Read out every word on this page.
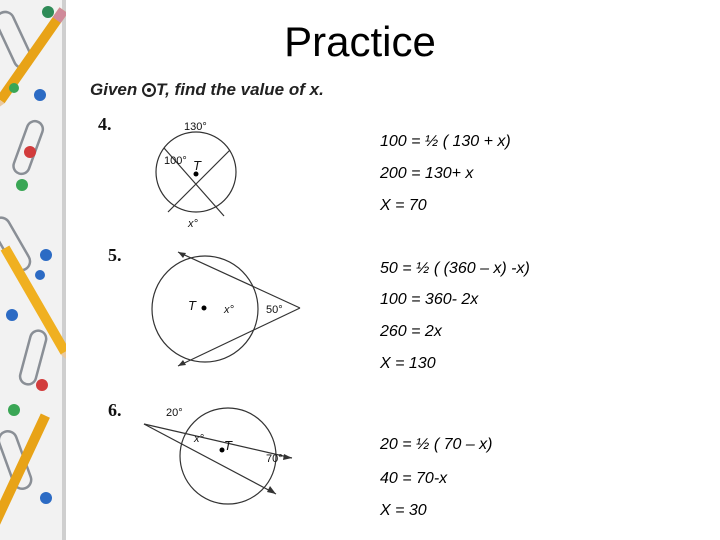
Practice
Given T, find the value of x.
4.	130°
100° T
x°
100 = ½ ( 130 + x)
200 = 130+ x
X = 70
5.
T	x°	50°
50 = ½ ( (360 – x) -x)
100 = 360- 2x
260 = 2x
X = 130
6.	20°
x° T
70°
20 = ½ ( 70 – x)
40 = 70-x
X = 30
